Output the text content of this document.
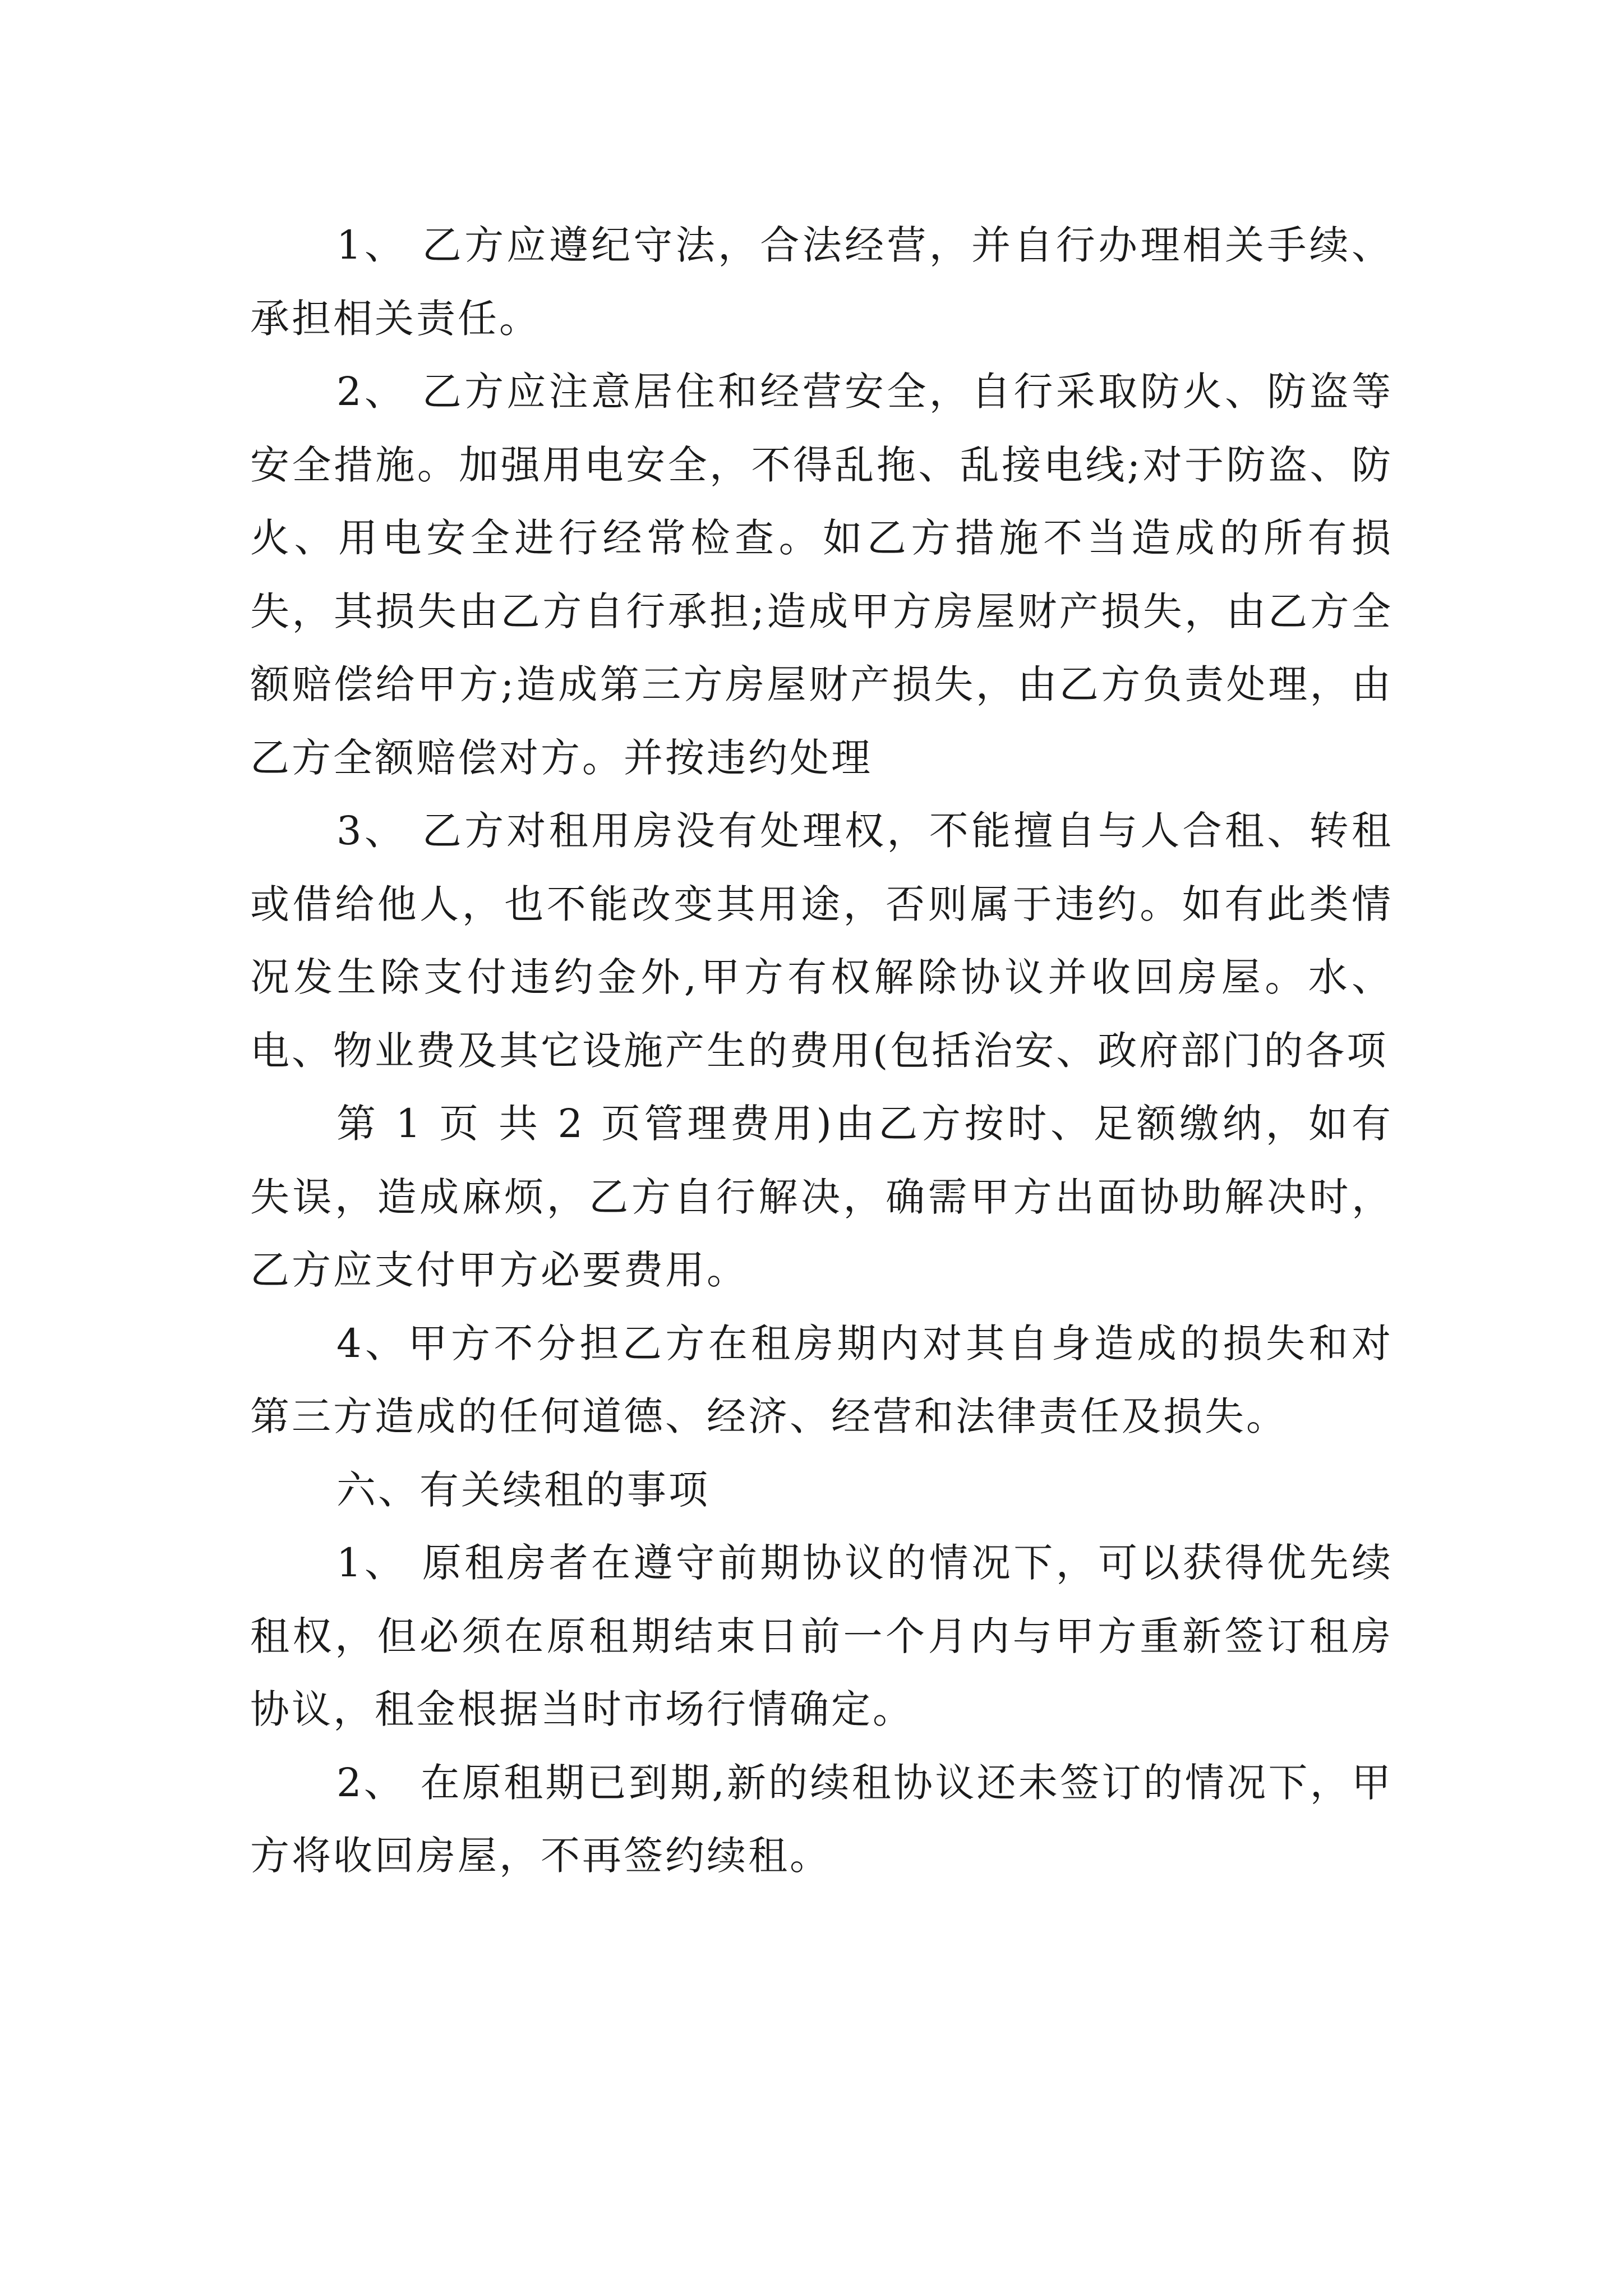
1、 乙方应遵纪守法，合法经营，并自行办理相关手续、承担相关责任。

2、 乙方应注意居住和经营安全，自行采取防火、防盗等安全措施。加强用电安全，不得乱拖、乱接电线;对于防盗、防火、用电安全进行经常检查。如乙方措施不当造成的所有损失，其损失由乙方自行承担;造成甲方房屋财产损失，由乙方全额赔偿给甲方;造成第三方房屋财产损失，由乙方负责处理，由乙方全额赔偿对方。并按违约处理

3、 乙方对租用房没有处理权，不能擅自与人合租、转租或借给他人，也不能改变其用途，否则属于违约。如有此类情况发生除支付违约金外,甲方有权解除协议并收回房屋。水、电、物业费及其它设施产生的费用(包括治安、政府部门的各项

第 1 页 共 2 页管理费用)由乙方按时、足额缴纳，如有失误，造成麻烦，乙方自行解决，确需甲方出面协助解决时，乙方应支付甲方必要费用。

4、甲方不分担乙方在租房期内对其自身造成的损失和对第三方造成的任何道德、经济、经营和法律责任及损失。

六、有关续租的事项

1、 原租房者在遵守前期协议的情况下，可以获得优先续租权，但必须在原租期结束日前一个月内与甲方重新签订租房协议，租金根据当时市场行情确定。

2、 在原租期已到期,新的续租协议还未签订的情况下，甲方将收回房屋，不再签约续租。
